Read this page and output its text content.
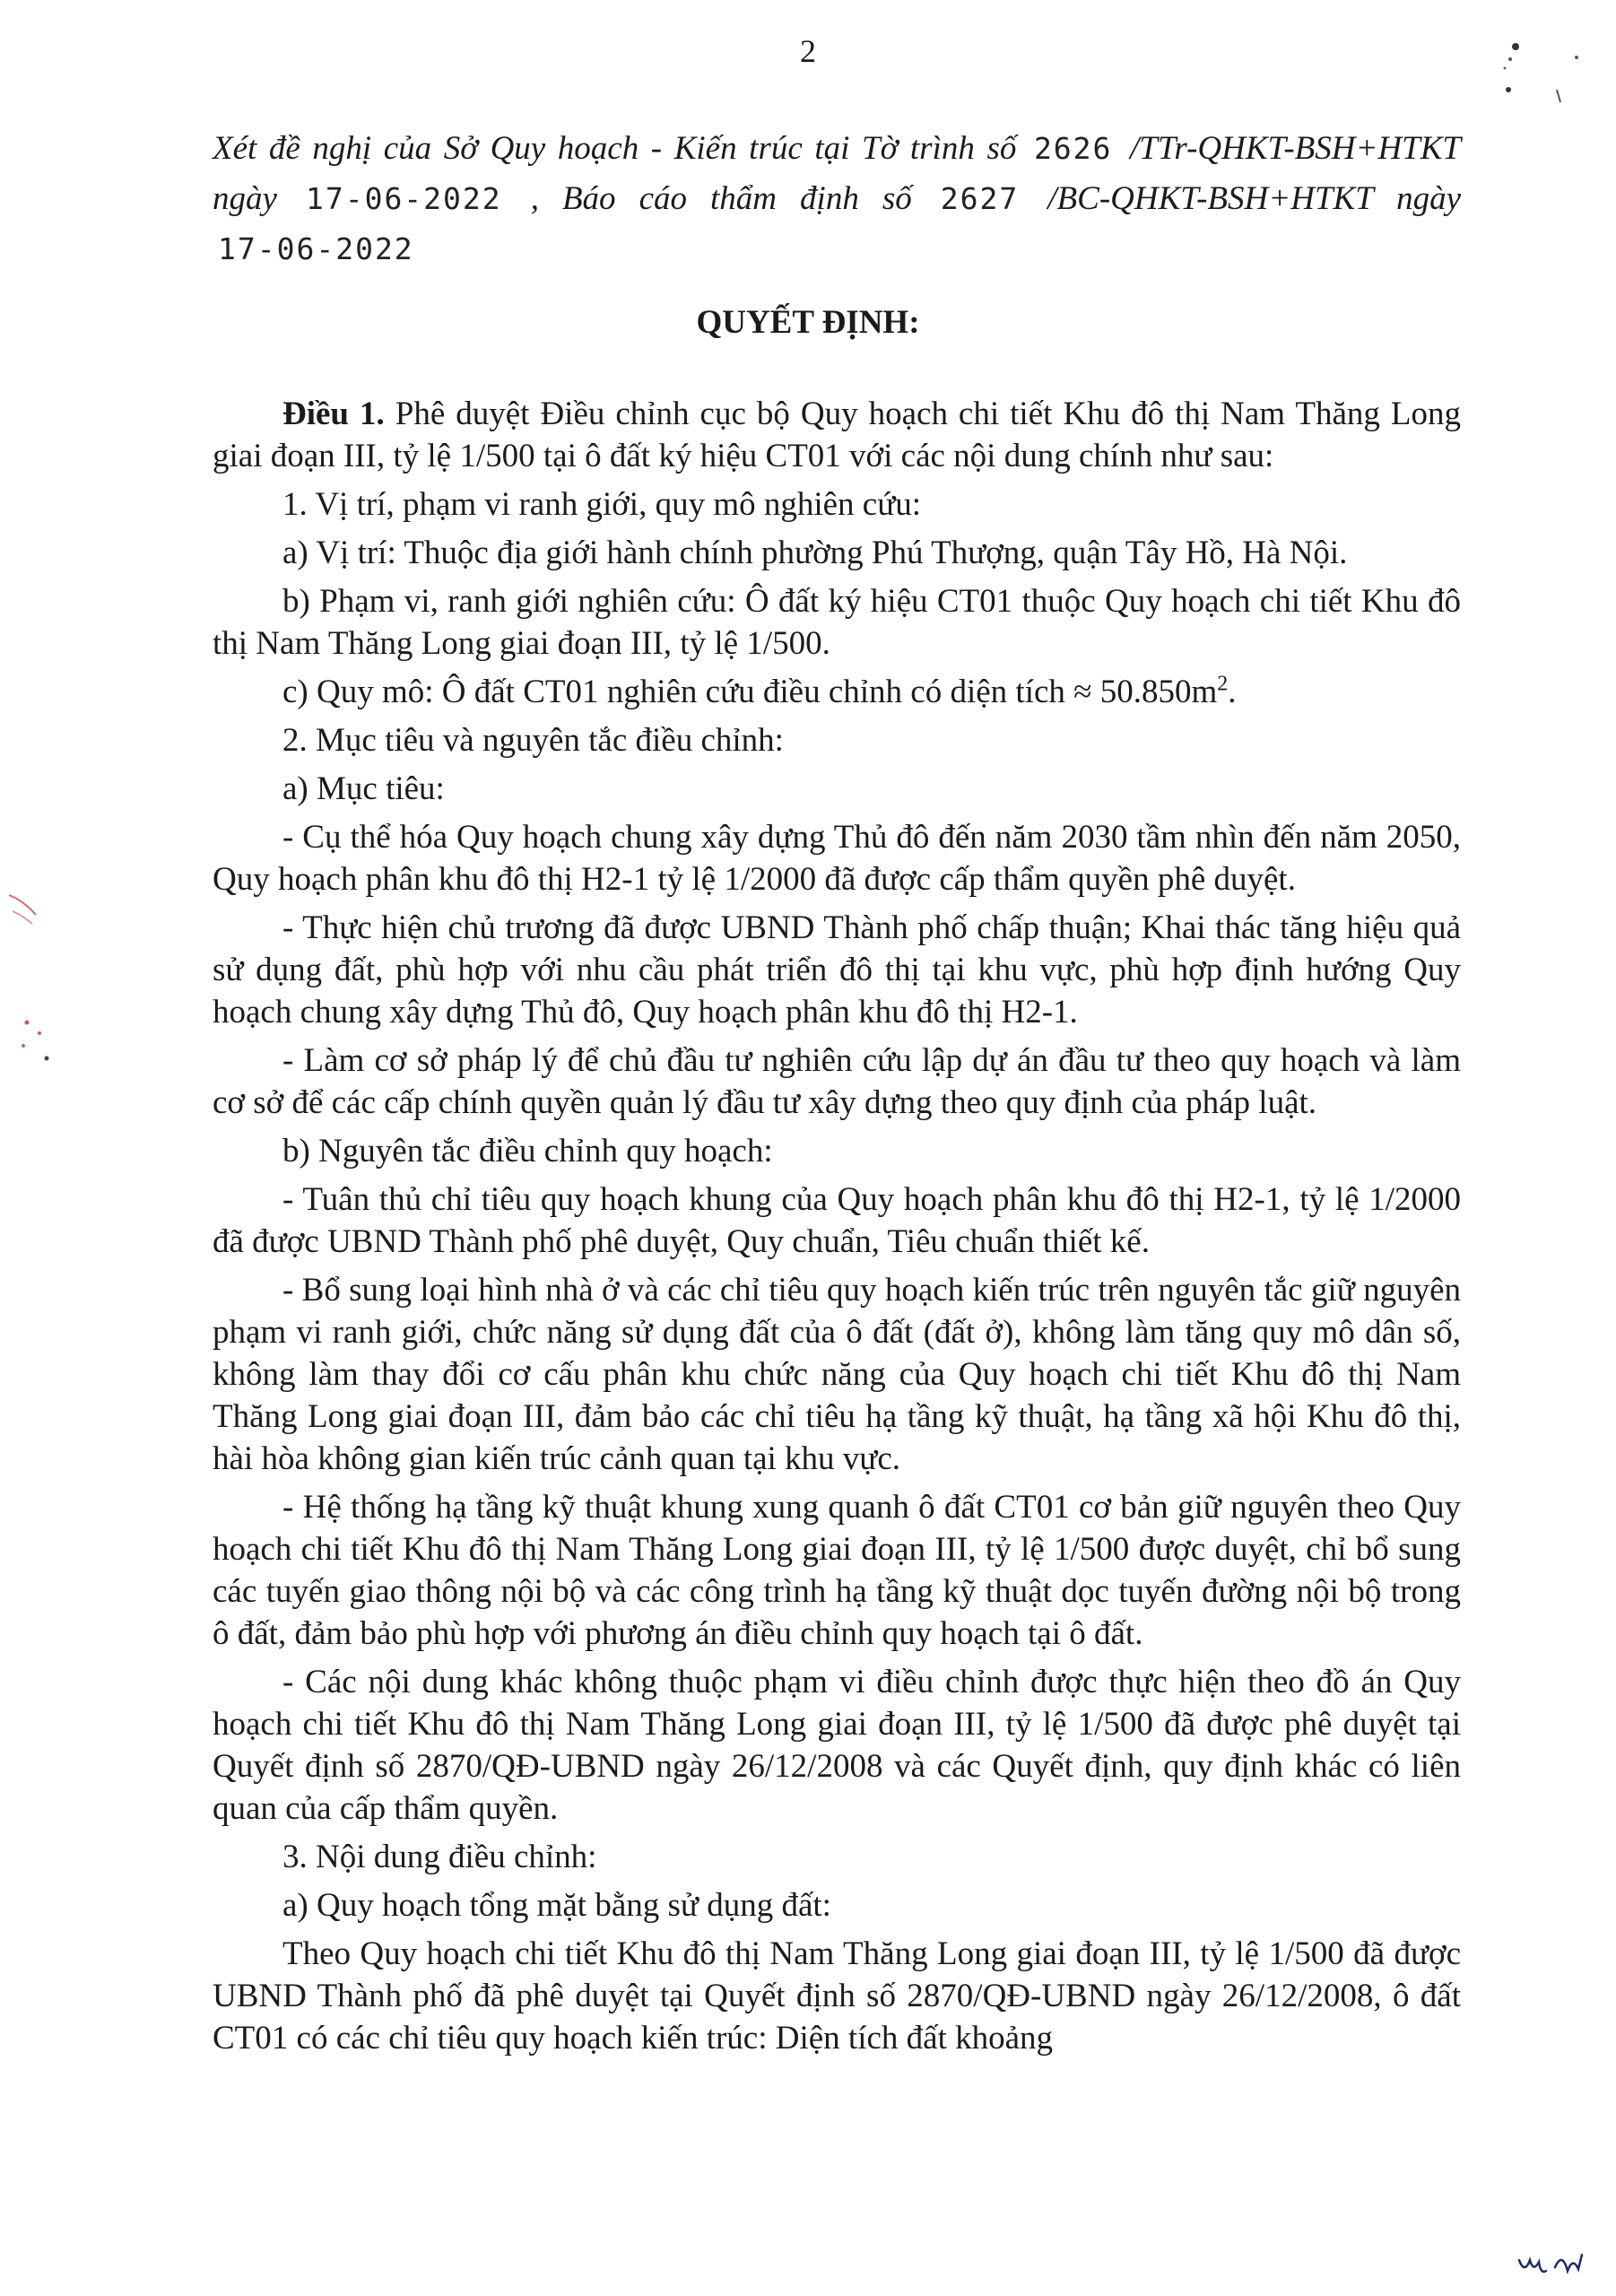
2
Xét đề nghị của Sở Quy hoạch - Kiến trúc tại Tờ trình số 2626 /TTr-QHKT-BSH+HTKT ngày 17-06-2022 , Báo cáo thẩm định số 2627 /BC-QHKT-BSH+HTKT ngày 17-06-2022
QUYẾT ĐỊNH:

Điều 1. Phê duyệt Điều chỉnh cục bộ Quy hoạch chi tiết Khu đô thị Nam Thăng Long giai đoạn III, tỷ lệ 1/500 tại ô đất ký hiệu CT01 với các nội dung chính như sau:

1. Vị trí, phạm vi ranh giới, quy mô nghiên cứu:

a) Vị trí: Thuộc địa giới hành chính phường Phú Thượng, quận Tây Hồ, Hà Nội.

b) Phạm vi, ranh giới nghiên cứu: Ô đất ký hiệu CT01 thuộc Quy hoạch chi tiết Khu đô thị Nam Thăng Long giai đoạn III, tỷ lệ 1/500.

c) Quy mô: Ô đất CT01 nghiên cứu điều chỉnh có diện tích ≈ $50.850m^2$.

2. Mục tiêu và nguyên tắc điều chỉnh:

a) Mục tiêu:

- Cụ thể hóa Quy hoạch chung xây dựng Thủ đô đến năm 2030 tầm nhìn đến năm 2050, Quy hoạch phân khu đô thị H2-1 tỷ lệ 1/2000 đã được cấp thẩm quyền phê duyệt.

- Thực hiện chủ trương đã được UBND Thành phố chấp thuận; Khai thác tăng hiệu quả sử dụng đất, phù hợp với nhu cầu phát triển đô thị tại khu vực, phù hợp định hướng Quy hoạch chung xây dựng Thủ đô, Quy hoạch phân khu đô thị H2-1.

- Làm cơ sở pháp lý để chủ đầu tư nghiên cứu lập dự án đầu tư theo quy hoạch và làm cơ sở để các cấp chính quyền quản lý đầu tư xây dựng theo quy định của pháp luật.

b) Nguyên tắc điều chỉnh quy hoạch:

- Tuân thủ chỉ tiêu quy hoạch khung của Quy hoạch phân khu đô thị H2-1, tỷ lệ 1/2000 đã được UBND Thành phố phê duyệt, Quy chuẩn, Tiêu chuẩn thiết kế.

- Bổ sung loại hình nhà ở và các chỉ tiêu quy hoạch kiến trúc trên nguyên tắc giữ nguyên phạm vi ranh giới, chức năng sử dụng đất của ô đất (đất ở), không làm tăng quy mô dân số, không làm thay đổi cơ cấu phân khu chức năng của Quy hoạch chi tiết Khu đô thị Nam Thăng Long giai đoạn III, đảm bảo các chỉ tiêu hạ tầng kỹ thuật, hạ tầng xã hội Khu đô thị, hài hòa không gian kiến trúc cảnh quan tại khu vực.

- Hệ thống hạ tầng kỹ thuật khung xung quanh ô đất CT01 cơ bản giữ nguyên theo Quy hoạch chi tiết Khu đô thị Nam Thăng Long giai đoạn III, tỷ lệ 1/500 được duyệt, chỉ bổ sung các tuyến giao thông nội bộ và các công trình hạ tầng kỹ thuật dọc tuyến đường nội bộ trong ô đất, đảm bảo phù hợp với phương án điều chỉnh quy hoạch tại ô đất.

- Các nội dung khác không thuộc phạm vi điều chỉnh được thực hiện theo đồ án Quy hoạch chi tiết Khu đô thị Nam Thăng Long giai đoạn III, tỷ lệ 1/500 đã được phê duyệt tại Quyết định số 2870/QĐ-UBND ngày 26/12/2008 và các Quyết định, quy định khác có liên quan của cấp thẩm quyền.

3. Nội dung điều chỉnh:

a) Quy hoạch tổng mặt bằng sử dụng đất:

Theo Quy hoạch chi tiết Khu đô thị Nam Thăng Long giai đoạn III, tỷ lệ 1/500 đã được UBND Thành phố đã phê duyệt tại Quyết định số 2870/QĐ-UBND ngày 26/12/2008, ô đất CT01 có các chỉ tiêu quy hoạch kiến trúc: Diện tích đất khoảng
